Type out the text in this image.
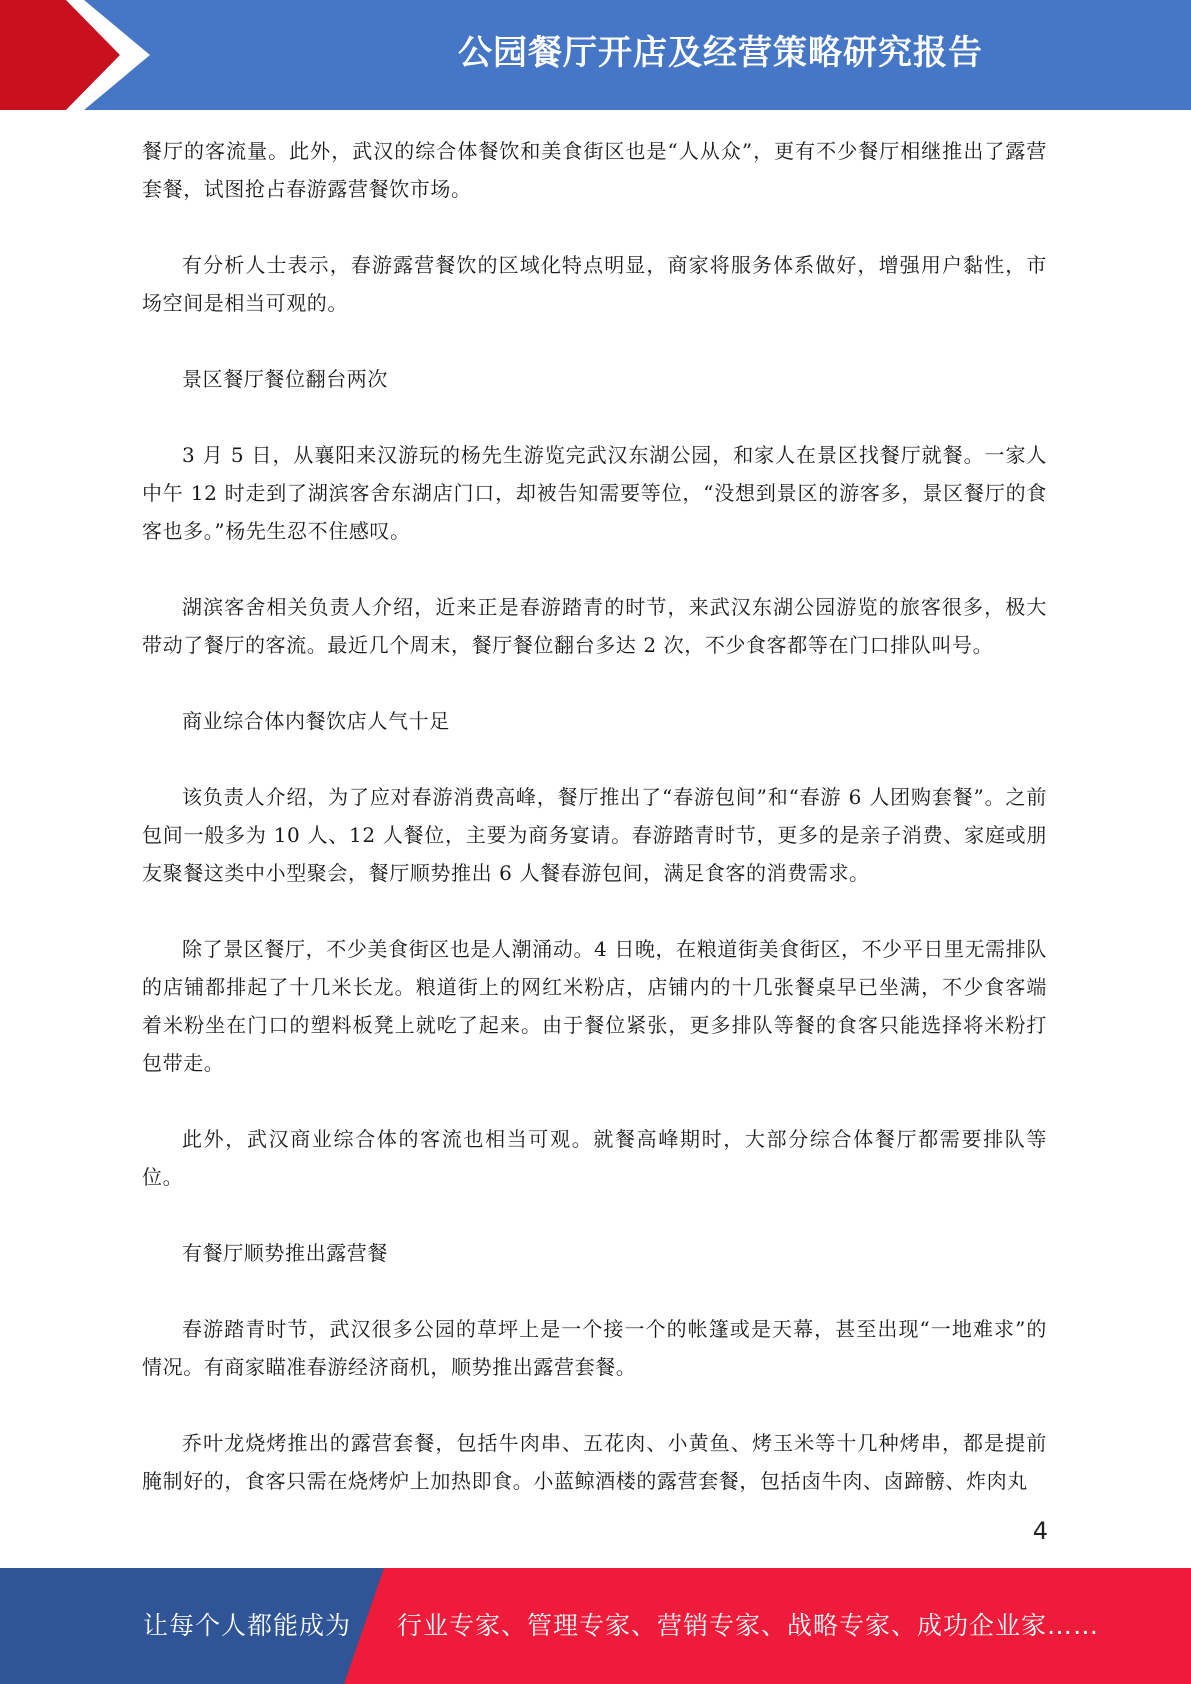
公园餐厅开店及经营策略研究报告

餐厅的客流量。此外，武汉的综合体餐饮和美食街区也是“人从众”，更有不少餐厅相继推出了露营套餐，试图抢占春游露营餐饮市场。

有分析人士表示，春游露营餐饮的区域化特点明显，商家将服务体系做好，增强用户黏性，市场空间是相当可观的。

景区餐厅餐位翻台两次

3 月 5 日，从襄阳来汉游玩的杨先生游览完武汉东湖公园，和家人在景区找餐厅就餐。一家人中午 12 时走到了湖滨客舍东湖店门口，却被告知需要等位，“没想到景区的游客多，景区餐厅的食客也多。”杨先生忍不住感叹。

湖滨客舍相关负责人介绍，近来正是春游踏青的时节，来武汉东湖公园游览的旅客很多，极大带动了餐厅的客流。最近几个周末，餐厅餐位翻台多达 2 次，不少食客都等在门口排队叫号。

商业综合体内餐饮店人气十足

该负责人介绍，为了应对春游消费高峰，餐厅推出了“春游包间”和“春游 6 人团购套餐”。之前包间一般多为 10 人、12 人餐位，主要为商务宴请。春游踏青时节，更多的是亲子消费、家庭或朋友聚餐这类中小型聚会，餐厅顺势推出 6 人餐春游包间，满足食客的消费需求。

除了景区餐厅，不少美食街区也是人潮涌动。4 日晚，在粮道街美食街区，不少平日里无需排队的店铺都排起了十几米长龙。粮道街上的网红米粉店，店铺内的十几张餐桌早已坐满，不少食客端着米粉坐在门口的塑料板凳上就吃了起来。由于餐位紧张，更多排队等餐的食客只能选择将米粉打包带走。

此外，武汉商业综合体的客流也相当可观。就餐高峰期时，大部分综合体餐厅都需要排队等位。

有餐厅顺势推出露营餐

春游踏青时节，武汉很多公园的草坪上是一个接一个的帐篷或是天幕，甚至出现“一地难求”的情况。有商家瞄准春游经济商机，顺势推出露营套餐。

乔叶龙烧烤推出的露营套餐，包括牛肉串、五花肉、小黄鱼、烤玉米等十几种烤串，都是提前腌制好的，食客只需在烧烤炉上加热即食。小蓝鲸酒楼的露营套餐，包括卤牛肉、卤蹄髈、炸肉丸

4
让每个人都能成为 行业专家、管理专家、营销专家、战略专家、成功企业家……
